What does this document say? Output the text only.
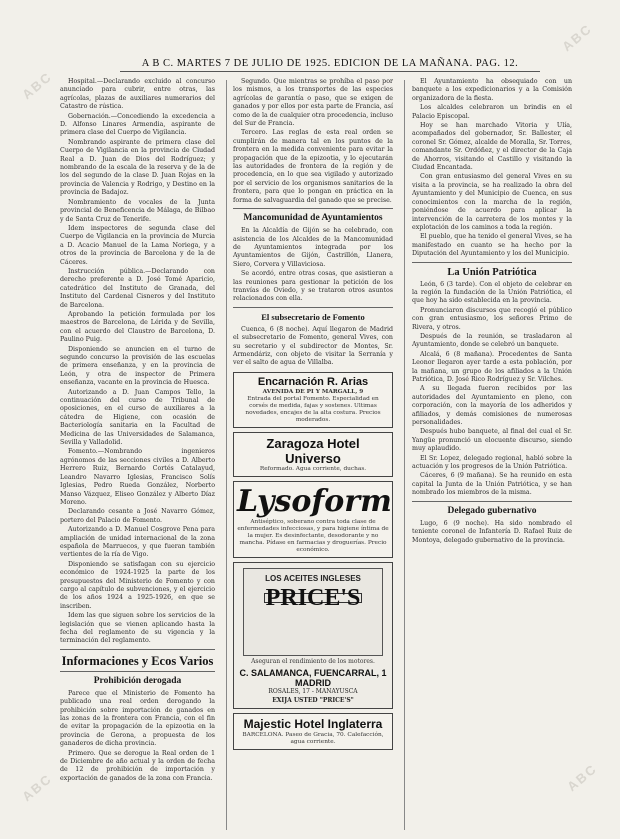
ABC
ABC
ABC	ABC
A B C. MARTES 7 DE JULIO DE 1925. EDICION DE LA MAÑANA. PAG. 12.

Hospital.—Declarando excluido al concurso anunciado para cubrir, entre otras, las agrícolas, plazas de auxiliares numerarios del Catastro de rústica.

Gobernación.—Concediendo la excedencia a D. Alfonso Linares Armendia, aspirante de primera clase del Cuerpo de Vigilancia.

Nombrando aspirante de primera clase del Cuerpo de Vigilancia en la provincia de Ciudad Real a D. Juan de Dios del Rodríguez; y nombrando de la escala de la reserva y de la de los del segundo de la clase D. Juan Rojas en la provincia de Valencia y Rodrigo, y Destino en la provincia de Badajoz.

Nombramiento de vocales de la Junta provincial de Beneficencia de Málaga, de Bilbao y de Santa Cruz de Tenerife.

Idem inspectores de segunda clase del Cuerpo de Vigilancia en la provincia de Murcia a D. Acacio Manuel de la Lama Noriega, y a otros de la provincia de Barcelona y de la de Cáceres.

Instrucción pública.—Declarando con derecho preferente a D. José Tomé Aparicio, catedrático del Instituto de Granada, del Instituto del Cardenal Cisneros y del Instituto de Barcelona.

Aprobando la petición formulada por los maestros de Barcelona, de Lérida y de Sevilla, con el acuerdo del Claustro de Barcelona, D. Paulino Puig.

Disponiendo se anuncien en el turno de segundo concurso la provisión de las escuelas de primera enseñanza, y en la provincia de León, y otra de inspector de Primera enseñanza, vacante en la provincia de Huesca.

Autorizando a D. Juan Campos Tello, la continuación del curso de Tribunal de oposiciones, en el curso de auxiliares a la cátedra de Higiene, con ocasión de Bacteriología sanitaria en la Facultad de Medicina de las Universidades de Salamanca, Sevilla y Valladolid.

Fomento.—Nombrando ingenieros agrónomos de las secciones civiles a D. Alberto Herrero Ruiz, Bernardo Cortés Catalayud, Leandro Navarro Iglesias, Francisco Solís Iglesias, Pedro Rueda González, Norberto Manso Vázquez, Eliseo González y Alberto Díaz Moreno.

Declarando cesante a José Navarro Gómez, portero del Palacio de Fomento.

Autorizando a D. Manuel Cosgrove Pena para ampliación de unidad internacional de la zona española de Marruecos, y que fueran también vertientes de la ría de Vigo.

Disponiendo se satisfagan con su ejercicio económico de 1924-1925 la parte de los presupuestos del Ministerio de Fomento y con cargo al capítulo de subvenciones, y el ejercicio de los años 1924 a 1925-1926, en que se inscriben.

Idem las que siguen sobre los servicios de la legislación que se vienen aplicando hasta la fecha del reglamento de su vigencia y la terminación del reglamento.

Informaciones y Ecos Varios
Prohibición derogada

Parece que el Ministerio de Fomento ha publicado una real orden derogando la prohibición sobre importación de ganados en las zonas de la frontera con Francia, con el fin de evitar la propagación de la epizootia en la provincia de Gerona, a propuesta de los ganaderos de dicha provincia.

Primero. Que se derogue la Real orden de 1 de Diciembre de año actual y la orden de fecha de 12 de prohibición de importación y exportación de ganados de la zona con Francia.

Segundo. Que mientras se prohíba el paso por los mismos, a los transportes de las especies agrícolas de garantía o paso, que se exigen de ganados y por ellos por esta parte de Francia, así como de la de cualquier otra procedencia, incluso del Sur de Francia.

Tercero. Las reglas de esta real orden se cumplirán de manera tal en los puntos de la frontera en la medida conveniente para evitar la propagación que de la epizootia, y lo ejecutarán las autoridades de frontera de la región y de procedencia, en lo que sea vigilado y autorizado por el servicio de los organismos sanitarios de la frontera, para que lo pongan en práctica en la forma de salvaguardia del ganado que se precise.

Mancomunidad de Ayuntamientos

En la Alcaldía de Gijón se ha celebrado, con asistencia de los Alcaldes de la Mancomunidad de Ayuntamientos integrada por los Ayuntamientos de Gijón, Castrillón, Llanera, Siero, Corvera y Villaviciosa.

Se acordó, entre otras cosas, que asistieran a las reuniones para gestionar la petición de los tranvías de Oviedo, y se trataron otros asuntos relacionados con ella.

El subsecretario de Fomento

Cuenca, 6 (8 noche). Aquí llegaron de Madrid el subsecretario de Fomento, general Vives, con su secretario y el subdirector de Montes, Sr. Armendáriz, con objeto de visitar la Serranía y ver el salto de agua de Villalba.

Encarnación R. Arias
AVENIDA DE PI Y MARGALL, 9
Entrada del portal Fomento. Especialidad en corsés de medida, fajas y sostenes. Ultimas novedades, encajes de la alta costura. Precios moderados.
Zaragoza Hotel Universo
Reformado. Agua corriente, duchas.
Lysoform
Antiséptico, soberano contra toda clase de enfermedades infecciosas, y para higiene íntima de la mujer. Es desinfectante, desodorante y no mancha. Pídase en farmacias y droguerías. Precio económico.
LOS ACEITES INGLESES
PRICE'S
Aseguran el rendimiento de los motores.
C. SALAMANCA, FUENCARRAL, 1 MADRID
ROSALES, 17 - MANAYUSCA
EXIJA USTED "PRICE'S"
Majestic Hotel Inglaterra
BARCELONA. Paseo de Gracia, 70. Calefacción, agua corriente.

El Ayuntamiento ha obsequiado con un banquete a los expedicionarios y a la Comisión organizadora de la fiesta.

Los alcaldes celebraron un brindis en el Palacio Episcopal.

Hoy se han marchado Vitoria y Ulía, acompañados del gobernador, Sr. Ballester, el coronel Sr. Gómez, alcalde de Moralla, Sr. Torres, comandante Sr. Ordóñez, y el director de la Caja de Ahorros, visitando el Castillo y visitando la Ciudad Encantada.

Con gran entusiasmo del general Vives en su visita a la provincia, se ha realizado la obra del Ayuntamiento y del Municipio de Cuenca, en sus conocimientos con la marcha de la región, poniéndose de acuerdo para aplicar la intervención de la carretera de los montes y la explotación de los caminos a toda la región.

El pueblo, que ha tenido el general Vives, se ha manifestado en cuanto se ha hecho por la Diputación del Ayuntamiento y los del Municipio.

La Unión Patriótica

León, 6 (3 tarde). Con el objeto de celebrar en la región la fundación de la Unión Patriótica, el que hoy ha sido establecida en la provincia.

Pronunciaron discursos que recogió el público con gran entusiasmo, los señores Primo de Rivera, y otros.

Después de la reunión, se trasladaron al Ayuntamiento, donde se celebró un banquete.

Alcalá, 6 (8 mañana). Procedentes de Santa Leonor llegaron ayer tarde a esta población, por la mañana, un grupo de los afiliados a la Unión Patriótica, D. José Rico Rodríguez y Sr. Vilches.

A su llegada fueron recibidos por las autoridades del Ayuntamiento en pleno, con corporación, con la mayoría de los adheridos y afiliados, y demás comisiones de numerosas personalidades.

Después hubo banquete, al final del cual el Sr. Yangüe pronunció un elocuente discurso, siendo muy aplaudido.

El Sr. Lopez, delegado regional, habló sobre la actuación y los progresos de la Unión Patriótica.

Cáceres, 6 (9 mañana). Se ha reunido en esta capital la Junta de la Unión Patriótica, y se han nombrado los miembros de la misma.

Delegado gubernativo

Lugo, 6 (9 noche). Ha sido nombrado el teniente coronel de Infantería D. Rafael Ruiz de Montoya, delegado gubernativo de la provincia.
